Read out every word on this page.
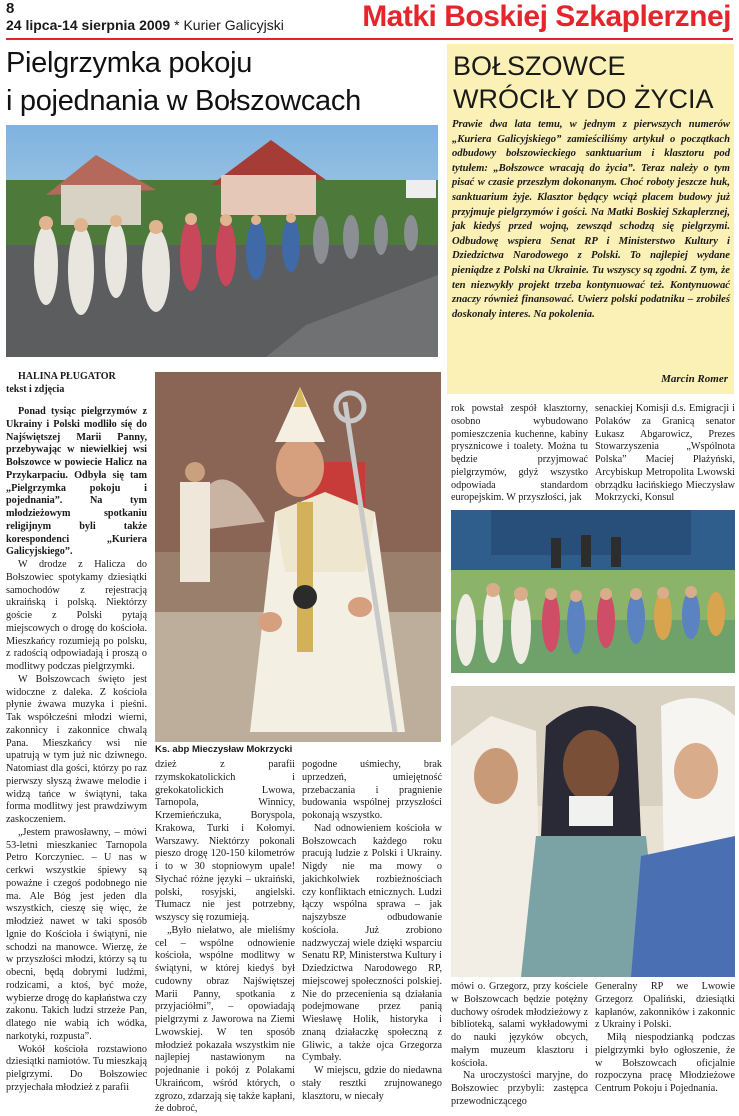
8
24 lipca-14 sierpnia 2009 * Kurier Galicyjski	Matki Boskiej Szkaplerznej
Pielgrzymka pokoju
i pojednania w Bołszowcach
BOŁSZOWCE
WRÓCIŁY DO ŻYCIA
Prawie dwa lata temu, w jednym z pierwszych numerów „Kuriera Galicyjskiego” zamieściliśmy artykuł o początkach odbudowy bołszowieckiego sanktuarium i klasztoru pod tytułem: „Bołszowce wracają do życia”. Teraz należy o tym pisać w czasie przeszłym dokonanym. Choć roboty jeszcze huk, sanktuarium żyje. Klasztor będący wciąż placem budowy już przyjmuje pielgrzymów i gości. Na Matki Boskiej Szkaplerznej, jak kiedyś przed wojną, zewsząd schodzą się pielgrzymi. Odbudowę wspiera Senat RP i Ministerstwo Kultury i Dziedzictwa Narodowego z Polski. To najlepiej wydane pieniądze z Polski na Ukrainie. Tu wszyscy są zgodni. Z tym, że ten niezwykły projekt trzeba kontynuować też. Kontynuować znaczy również finansować. Uwierz polski podatniku – zrobiłeś doskonały interes. Na pokolenia.
Marcin Romer
Ks. abp Mieczysław Mokrzycki

HALINA PŁUGATOR
tekst i zdjęcia

Ponad tysiąc pielgrzymów z Ukrainy i Polski modliło się do Najświętszej Marii Panny, przebywając w niewielkiej wsi Bołszowce w powiecie Halicz na Przykarpaciu. Odbyła się tam „Pielgrzymka pokoju i pojednania”. Na tym młodzieżowym spotkaniu religijnym byli także korespondenci „Kuriera Galicyjskiego”.

W drodze z Halicza do Bołszowiec spotykamy dziesiątki samochodów z rejestracją ukraińską i polską. Niektórzy goście z Polski pytają miejscowych o drogę do kościoła. Mieszkańcy rozumieją po polsku, z radością odpowiadają i proszą o modlitwy podczas pielgrzymki.

W Bołszowcach święto jest widoczne z daleka. Z kościoła płynie żwawa muzyka i pieśni. Tak współcześni młodzi wierni, zakonnicy i zakonnice chwalą Pana. Mieszkańcy wsi nie upatrują w tym już nic dziwnego. Natomiast dla gości, którzy po raz pierwszy słyszą żwawe melodie i widzą tańce w świątyni, taka forma modlitwy jest prawdziwym zaskoczeniem.

„Jestem prawosławny, – mówi 53-letni mieszkaniec Tarnopola Petro Korczyniec. – U nas w cerkwi wszystkie śpiewy są poważne i czegoś podobnego nie ma. Ale Bóg jest jeden dla wszystkich, cieszę się więc, że młodzież nawet w taki sposób lgnie do Kościoła i świątyni, nie schodzi na manowce. Wierzę, że w przyszłości młodzi, którzy są tu obecni, będą dobrymi ludźmi, rodzicami, a ktoś, być może, wybierze drogę do kapłaństwa czy zakonu. Takich ludzi strzeże Pan, dlatego nie wabią ich wódka, narkotyki, rozpusta”.

Wokół kościoła rozstawiono dziesiątki namiotów. Tu mieszkają pielgrzymi. Do Bołszowiec przyjechała młodzież z parafii

dzież z parafii rzymskokatolickich i grekokatolickich Lwowa, Tarnopola, Winnicy, Krzemieńczuka, Boryspola, Krakowa, Turki i Kołomyi. Warszawy. Niektórzy pokonali pieszo drogę 120-150 kilometrów i to w 30 stopniowym upale! Słychać różne języki – ukraiński, polski, rosyjski, angielski. Tłumacz nie jest potrzebny, wszyscy się rozumieją.

„Było niełatwo, ale mieliśmy cel – wspólne odnowienie kościoła, wspólne modlitwy w świątyni, w której kiedyś był cudowny obraz Najświętszej Marii Panny, spotkania z przyjaciółmi”, – opowiadają pielgrzymi z Jaworowa na Ziemi Lwowskiej. W ten sposób młodzież pokazała wszystkim nie najlepiej nastawionym na pojednanie i pokój z Polakami Ukraińcom, wśród których, o zgrozo, zdarzają się także kapłani, że dobroć,

pogodne uśmiechy, brak uprzedzeń, umiejętność przebaczania i pragnienie budowania wspólnej przyszłości pokonają wszystko.

Nad odnowieniem kościoła w Bołszowcach każdego roku pracują ludzie z Polski i Ukrainy. Nigdy nie ma mowy o jakichkolwiek rozbieżnościach czy konfliktach etnicznych. Ludzi łączy wspólna sprawa – jak najszybsze odbudowanie kościoła. Już zrobiono nadzwyczaj wiele dzięki wsparciu Senatu RP, Ministerstwa Kultury i Dziedzictwa Narodowego RP, miejscowej społeczności polskiej. Nie do przecenienia są działania podejmowane przez panią Wiesławę Holik, historyka i znaną działaczkę społeczną z Gliwic, a także ojca Grzegorza Cymbały.

W miejscu, gdzie do niedawna stały resztki zrujnowanego klasztoru, w niecały

rok powstał zespół klasztorny, osobno wybudowano pomieszczenia kuchenne, kabiny prysznicowe i toalety. Można tu będzie przyjmować pielgrzymów, gdyż wszystko odpowiada standardom europejskim. W przyszłości, jak

senackiej Komisji d.s. Emigracji i Polaków za Granicą senator Łukasz Abgarowicz, Prezes Stowarzyszenia „Wspólnota Polska” Maciej Płażyński, Arcybiskup Metropolita Lwowski obrządku łacińskiego Mieczysław Mokrzycki, Konsul

mówi o. Grzegorz, przy kościele w Bołszowcach będzie potężny duchowy ośrodek młodzieżowy z biblioteką, salami wykładowymi do nauki języków obcych, małym muzeum klasztoru i kościoła.

Na uroczystości maryjne, do Bołszowiec przybyli: zastępca przewodniczącego

Generalny RP we Lwowie Grzegorz Opaliński, dziesiątki kapłanów, zakonników i zakonnic z Ukrainy i Polski.

Miłą niespodzianką podczas pielgrzymki było ogłoszenie, że w Bołszowcach oficjalnie rozpoczyna pracę Młodzieżowe Centrum Pokoju i Pojednania.
